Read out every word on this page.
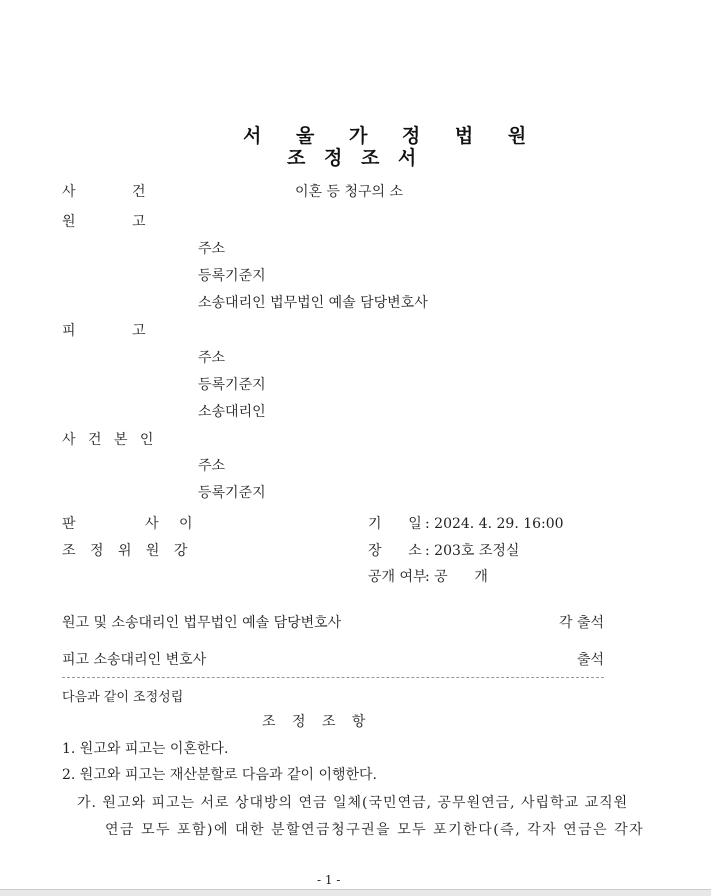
서 울 가 정 법 원
조 정 조 서
사	건	이혼 등 청구의 소
원	고
주소
등록기준지
소송대리인 법무법인 예솔 담당변호사
피	고
주소
등록기준지
소송대리인
사 건 본 인
주소
등록기준지
판	사 이
조 정 위 원 강
기      일 : 2024. 4. 29. 16:00
장      소 : 203호 조정실
공개 여부
: 공      개
원고 및 소송대리인 법무법인 예솔 담당변호사	각 출석
피고 소송대리인 변호사	출석
다음과 같이 조정성립
조 정 조 항
1. 원고와 피고는 이혼한다.
2. 원고와 피고는 재산분할로 다음과 같이 이행한다.
가. 원고와 피고는 서로 상대방의 연금 일체(국민연금, 공무원연금, 사립학교 교직원
연금 모두 포함)에 대한 분할연금청구권을 모두 포기한다(즉, 각자 연금은 각자
- 1 -
